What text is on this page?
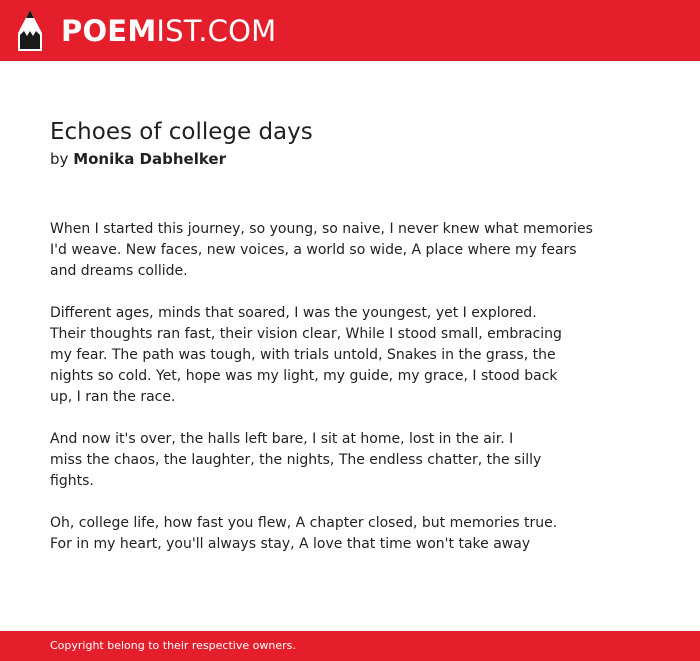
POEMIST.COM
Echoes of college days
by Monika Dabhelker

When I started this journey, so young, so naive, I never knew what memories
I'd weave. New faces, new voices, a world so wide, A place where my fears
and dreams collide.

Different ages, minds that soared, I was the youngest, yet I explored.
Their thoughts ran fast, their vision clear, While I stood small, embracing
my fear. The path was tough, with trials untold, Snakes in the grass, the
nights so cold. Yet, hope was my light, my guide, my grace, I stood back
up, I ran the race.

And now it's over, the halls left bare, I sit at home, lost in the air. I
miss the chaos, the laughter, the nights, The endless chatter, the silly
fights.

Oh, college life, how fast you flew, A chapter closed, but memories true.
For in my heart, you'll always stay, A love that time won't take away

Copyright belong to their respective owners.
